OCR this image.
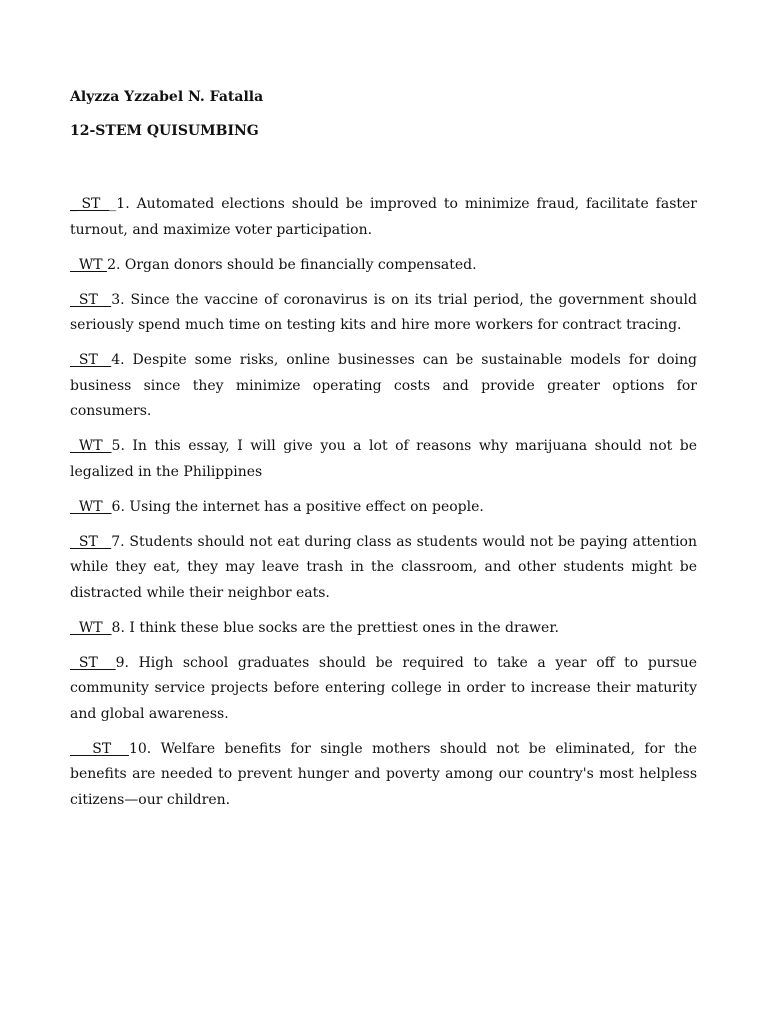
Alyzza Yzzabel N. Fatalla
12-STEM QUISUMBING

_ ST  _1. Automated elections should be improved to minimize fraud, facilitate faster turnout, and maximize voter participation.

WT 2. Organ donors should be financially compensated.

ST   3. Since the vaccine of coronavirus is on its trial period, the government should seriously spend much time on testing kits and hire more workers for contract tracing.

ST   4. Despite some risks, online businesses can be sustainable models for doing business since they minimize operating costs and provide greater options for consumers.

WT  5. In this essay, I will give you a lot of reasons why marijuana should not be legalized in the Philippines

WT  6. Using the internet has a positive effect on people.

ST   7. Students should not eat during class as students would not be paying attention while they eat, they may leave trash in the classroom, and other students might be distracted while their neighbor eats.

WT  8. I think these blue socks are the prettiest ones in the drawer.

ST    9. High school graduates should be required to take a year off to pursue community service projects before entering college in order to increase their maturity and global awareness.

ST    10. Welfare benefits for single mothers should not be eliminated, for the benefits are needed to prevent hunger and poverty among our country's most helpless citizens—our children.
